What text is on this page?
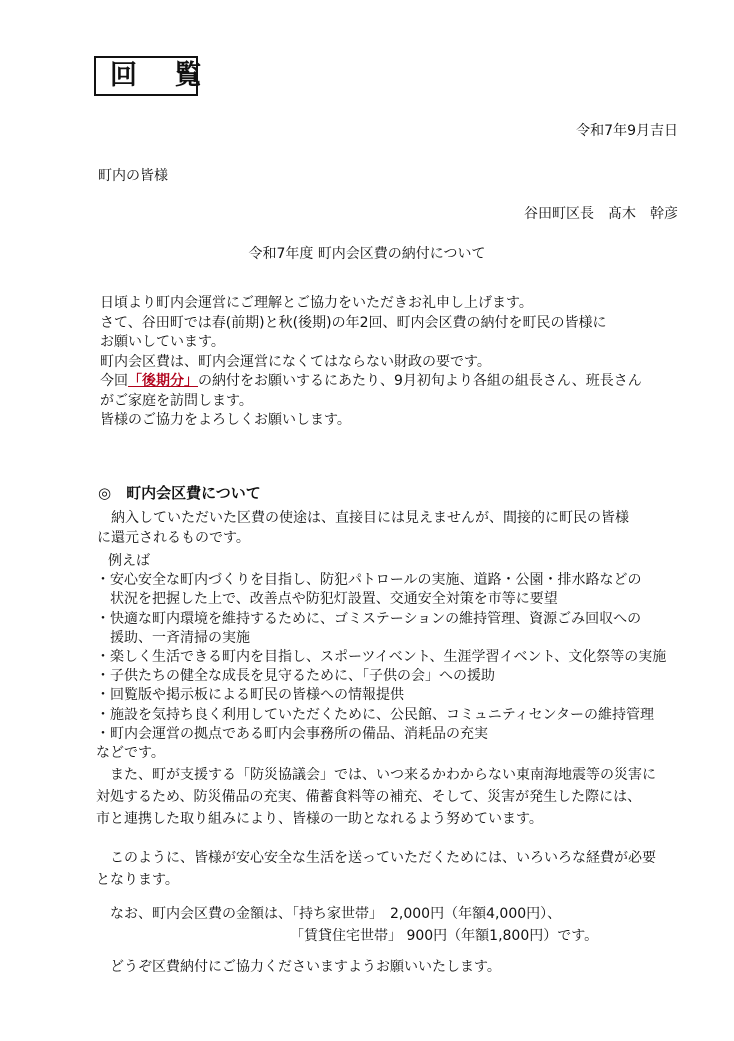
回 覧
令和7年9月吉日
町内の皆様
谷田町区長　髙木　幹彦
令和7年度 町内会区費の納付について

日頃より町内会運営にご理解とご協力をいただきお礼申し上げます。

さて、谷田町では春(前期)と秋(後期)の年2回、町内会区費の納付を町民の皆様に

お願いしています。

町内会区費は、町内会運営になくてはならない財政の要です。

今回「後期分」の納付をお願いするにあたり、9月初旬より各組の組長さん、班長さん

がご家庭を訪問します。

皆様のご協力をよろしくお願いします。

◎　町内会区費について

納入していただいた区費の使途は、直接目には見えませんが、間接的に町民の皆様

に還元されるものです。

例えば
・安心安全な町内づくりを目指し、防犯パトロールの実施、道路・公園・排水路などの
状況を把握した上で、改善点や防犯灯設置、交通安全対策を市等に要望
・快適な町内環境を維持するために、ゴミステーションの維持管理、資源ごみ回収への
援助、一斉清掃の実施
・楽しく生活できる町内を目指し、スポーツイベント、生涯学習イベント、文化祭等の実施
・子供たちの健全な成長を見守るために、「子供の会」への援助
・回覧版や掲示板による町民の皆様への情報提供
・施設を気持ち良く利用していただくために、公民館、コミュニティセンターの維持管理
・町内会運営の拠点である町内会事務所の備品、消耗品の充実
などです。

また、町が支援する「防災協議会」では、いつ来るかわからない東南海地震等の災害に

対処するため、防災備品の充実、備蓄食料等の補充、そして、災害が発生した際には、

市と連携した取り組みにより、皆様の一助となれるよう努めています。

このように、皆様が安心安全な生活を送っていただくためには、いろいろな経費が必要

となります。

なお、町内会区費の金額は、「持ち家世帯」　2,000円（年額4,000円）、
「賃貸住宅世帯」 900円（年額1,800円）です。
どうぞ区費納付にご協力くださいますようお願いいたします。
